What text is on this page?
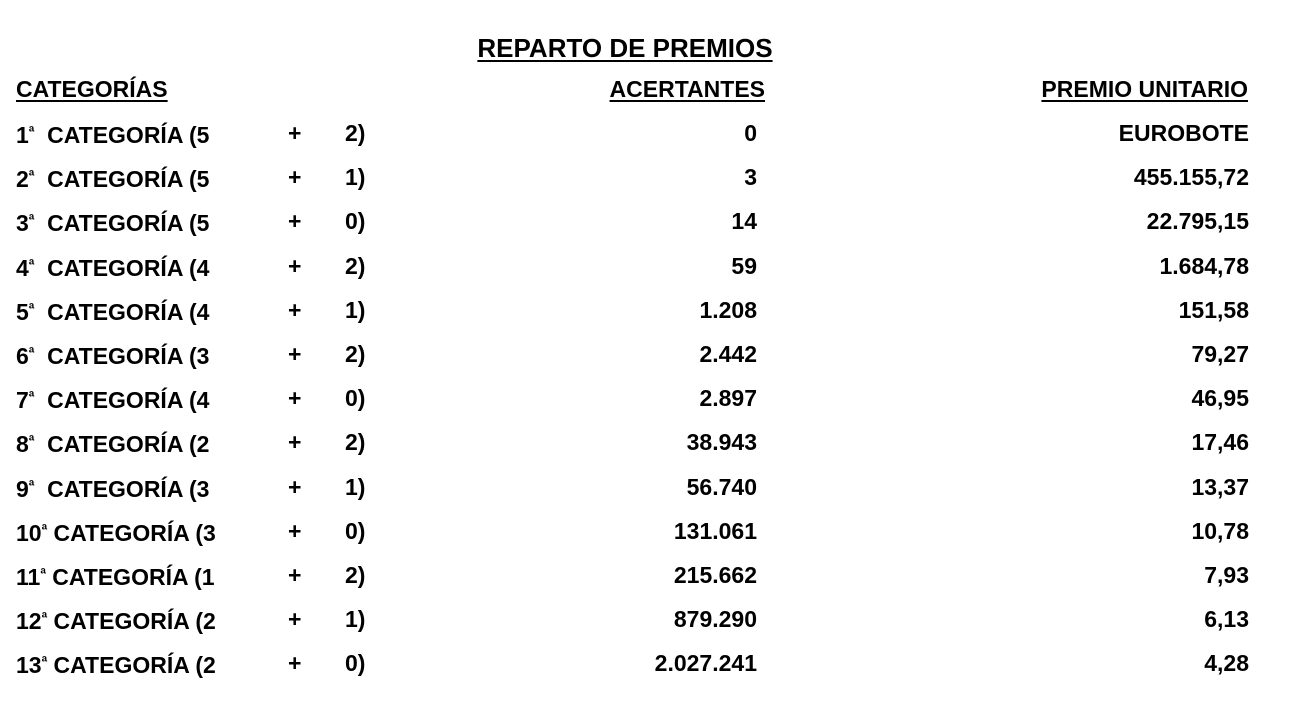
REPARTO DE PREMIOS
CATEGORÍAS	ACERTANTES	PREMIO UNITARIO
$1^ª$ CATEGORÍA (5	+ 2)	0	EUROBOTE
$2^ª$ CATEGORÍA (5	+ 1)	3	455.155,72
$3^ª$ CATEGORÍA (5	+ 0)	14	22.795,15
$4^ª$ CATEGORÍA (4	+ 2)	59	1.684,78
$5^ª$ CATEGORÍA (4	+ 1)	1.208	151,58
$6^ª$ CATEGORÍA (3	+ 2)	2.442	79,27
$7^ª$ CATEGORÍA (4	+ 0)	2.897	46,95
$8^ª$ CATEGORÍA (2	+ 2)	38.943	17,46
$9^ª$ CATEGORÍA (3	+ 1)	56.740	13,37
$10^ª$ CATEGORÍA (3	+ 0)	131.061	10,78
$11^ª$ CATEGORÍA (1	+ 2)	215.662	7,93
$12^ª$ CATEGORÍA (2	+ 1)	879.290	6,13
$13^ª$ CATEGORÍA (2	+ 0)	2.027.241	4,28
